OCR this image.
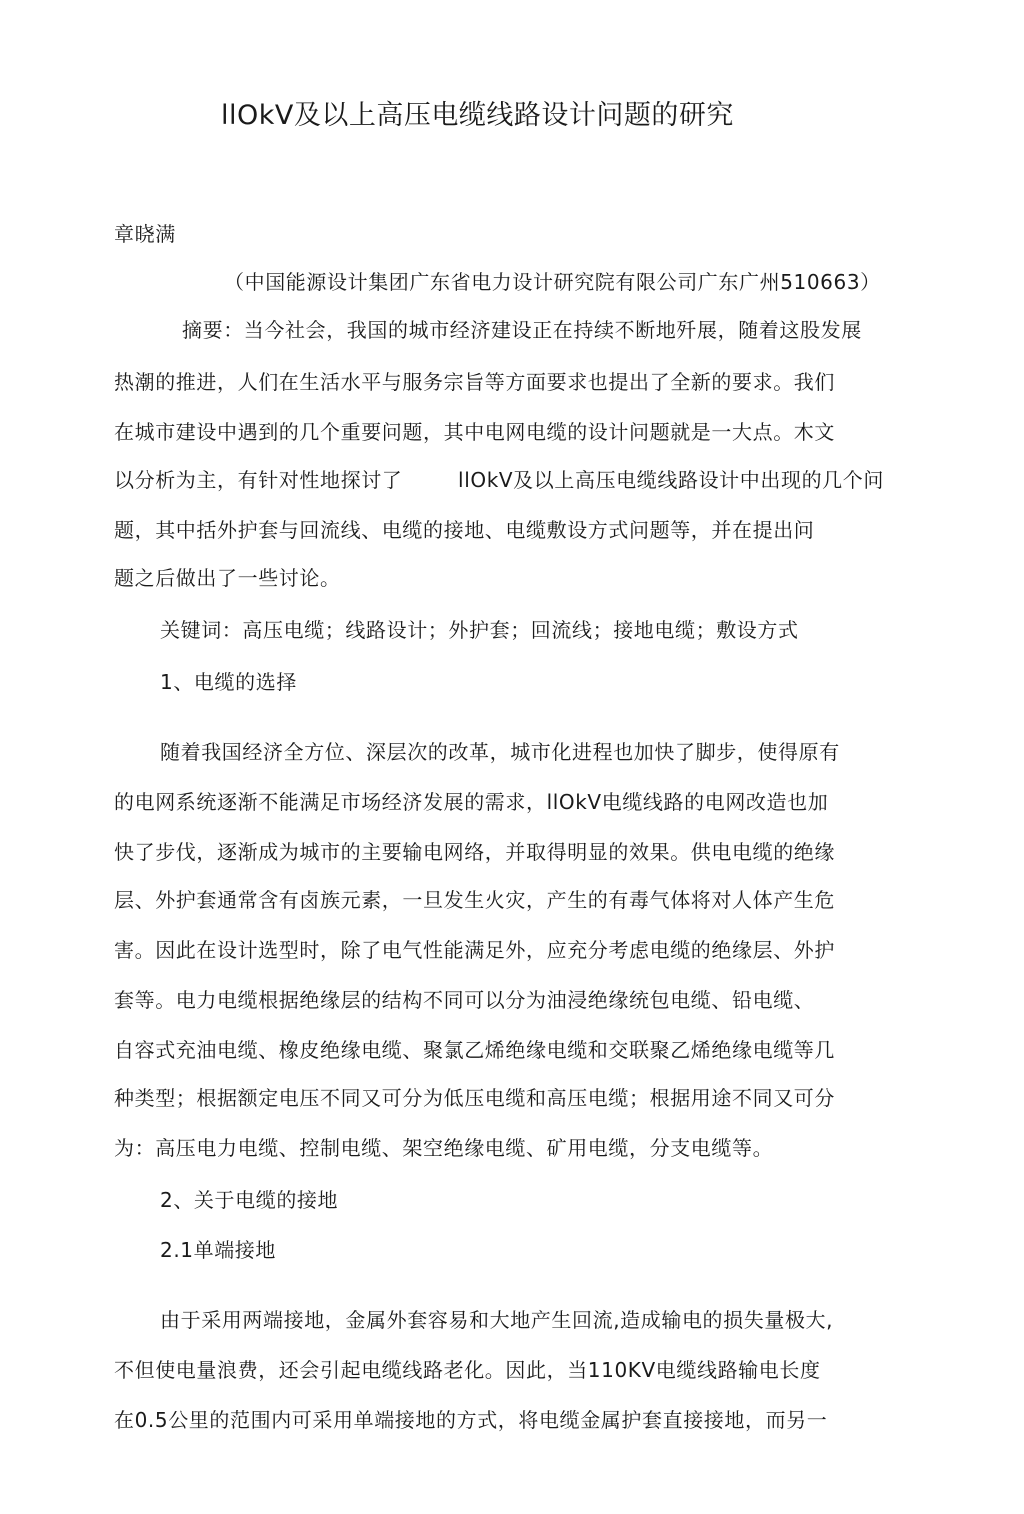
llOkV及以上高压电缆线路设计问题的研究
章晓满
（中国能源设计集团广东省电力设计研究院有限公司广东广州510663）
摘要：当今社会，我国的城市经济建设正在持续不断地歼展，随着这股发展
热潮的推进，人们在生活水平与服务宗旨等方面要求也提出了全新的要求。我们
在城市建设中遇到的几个重要问题，其中电网电缆的设计问题就是一大点。木文
以分析为主，有针对性地探讨了        llOkV及以上高压电缆线路设计中出现的几个问
题，其中括外护套与回流线、电缆的接地、电缆敷设方式问题等，并在提出问
题之后做出了一些讨论。
关键词：高压电缆；线路设计；外护套；回流线；接地电缆；敷设方式
1、电缆的选择
随着我国经济全方位、深层次的改革，城市化进程也加快了脚步，使得原有
的电网系统逐渐不能满足市场经济发展的需求，llOkV电缆线路的电网改造也加
快了步伐，逐渐成为城市的主要输电网络，并取得明显的效果。供电电缆的绝缘
层、外护套通常含有卤族元素，一旦发生火灾，产生的有毒气体将对人体产生危
害。因此在设计选型时，除了电气性能满足外，应充分考虑电缆的绝缘层、外护
套等。电力电缆根据绝缘层的结构不同可以分为油浸绝缘统包电缆、铅电缆、
自容式充油电缆、橡皮绝缘电缆、聚氯乙烯绝缘电缆和交联聚乙烯绝缘电缆等几
种类型；根据额定电压不同又可分为低压电缆和高压电缆；根据用途不同又可分
为：高压电力电缆、控制电缆、架空绝缘电缆、矿用电缆，分支电缆等。
2、关于电缆的接地
2.1单端接地
由于采用两端接地，金属外套容易和大地产生回流,造成输电的损失量极大,
不但使电量浪费，还会引起电缆线路老化。因此，当110KV电缆线路输电长度
在0.5公里的范围内可采用单端接地的方式，将电缆金属护套直接接地，而另一
